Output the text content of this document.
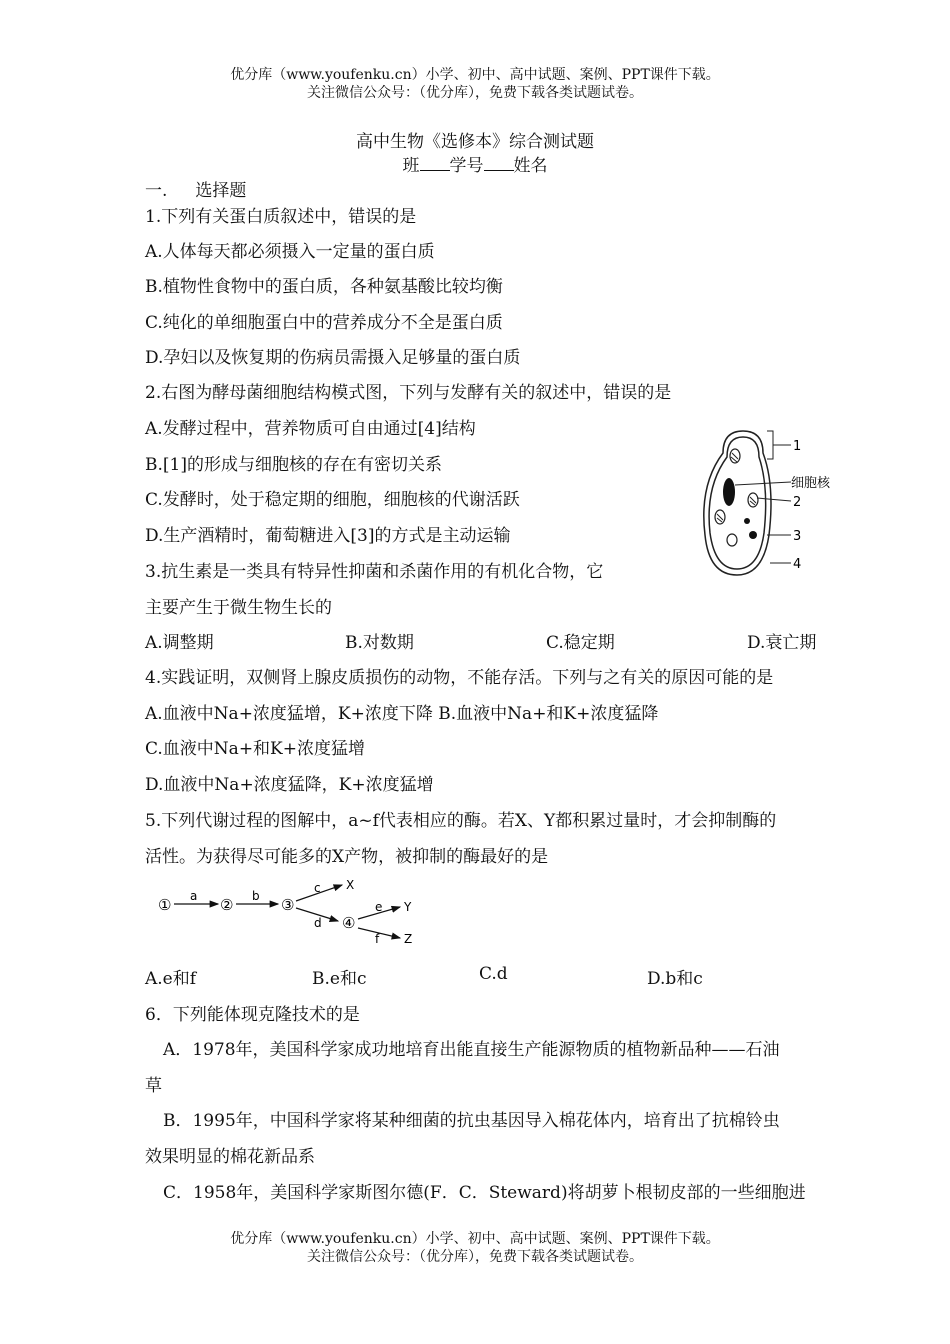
优分库（www.youfenku.cn）小学、初中、高中试题、案例、PPT课件下载。
关注微信公众号：（优分库），免费下载各类试题试卷。
高中生物《选修本》综合测试题
班 学号 姓名
一. 选择题
1.下列有关蛋白质叙述中，错误的是
A.人体每天都必须摄入一定量的蛋白质
B.植物性食物中的蛋白质，各种氨基酸比较均衡
C.纯化的单细胞蛋白中的营养成分不全是蛋白质
D.孕妇以及恢复期的伤病员需摄入足够量的蛋白质
2.右图为酵母菌细胞结构模式图，下列与发酵有关的叙述中，错误的是
A.发酵过程中，营养物质可自由通过[4]结构
B.[1]的形成与细胞核的存在有密切关系
C.发酵时，处于稳定期的细胞，细胞核的代谢活跃
D.生产酒精时，葡萄糖进入[3]的方式是主动运输
1
细胞核
2
3
4
3.抗生素是一类具有特异性抑菌和杀菌作用的有机化合物，它
主要产生于微生物生长的
A.调整期	B.对数期	C.稳定期	D.衰亡期
4.实践证明，双侧肾上腺皮质损伤的动物，不能存活。下列与之有关的原因可能的是
A.血液中Na+浓度猛增，K+浓度下降 B.血液中Na+和K+浓度猛降
C.血液中Na+和K+浓度猛增
D.血液中Na+浓度猛降，K+浓度猛增
5.下列代谢过程的图解中，a~f代表相应的酶。若X、Y都积累过量时，才会抑制酶的
活性。为获得尽可能多的X产物，被抑制的酶最好的是
①	②	③
④
a	b
c
d
e
f
X
Y
Z
A.e和f	B.e和c	C.d	D.b和c
6．下列能体现克隆技术的是
A．1978年，美国科学家成功地培育出能直接生产能源物质的植物新品种——石油
草
B．1995年，中国科学家将某种细菌的抗虫基因导入棉花体内，培育出了抗棉铃虫
效果明显的棉花新品系
C．1958年，美国科学家斯图尔德(F．C．Steward)将胡萝卜根韧皮部的一些细胞进
优分库（www.youfenku.cn）小学、初中、高中试题、案例、PPT课件下载。
关注微信公众号：（优分库），免费下载各类试题试卷。
